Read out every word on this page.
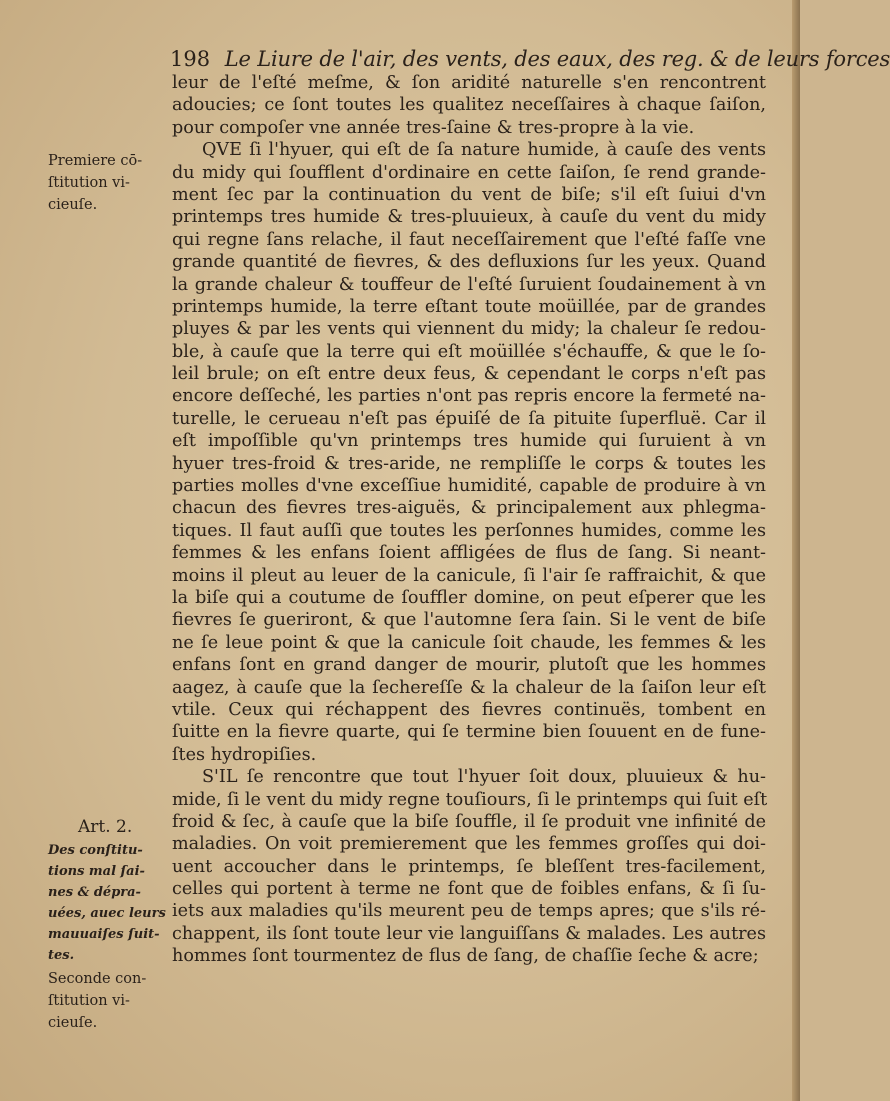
198 Le Liure de l'air, des vents, des eaux, des reg. & de leurs forces
Premiere cō-
ſtitution vi-
cieuſe.
Art. 2.
Des conſtitu-
tions mal ſai-
nes & dépra-
uées, auec leurs
mauuaiſes ſuit-
tes.
Seconde con-
ſtitution vi-
cieuſe.
leur de l'eſté meſme, & ſon aridité naturelle s'en rencontrent
adoucies; ce ſont toutes les qualitez neceſſaires à chaque ſaiſon,
pour compoſer vne année tres-ſaine & tres-propre à la vie.
QVE ſi l'hyuer, qui eſt de ſa nature humide, à cauſe des vents
du midy qui ſoufflent d'ordinaire en cette ſaiſon, ſe rend grande-
ment ſec par la continuation du vent de biſe; s'il eſt ſuiui d'vn
printemps tres humide & tres-pluuieux, à cauſe du vent du midy
qui regne ſans relache, il faut neceſſairement que l'eſté faſſe vne
grande quantité de fievres, & des defluxions ſur les yeux. Quand
la grande chaleur & touffeur de l'eſté ſuruient ſoudainement à vn
printemps humide, la terre eſtant toute moüillée, par de grandes
pluyes & par les vents qui viennent du midy; la chaleur ſe redou-
ble, à cauſe que la terre qui eſt moüillée s'échauffe, & que le ſo-
leil brule; on eſt entre deux feus, & cependant le corps n'eſt pas
encore deſſeché, les parties n'ont pas repris encore la fermeté na-
turelle, le cerueau n'eſt pas épuiſé de ſa pituite ſuperfluë. Car il
eſt impoſſible qu'vn printemps tres humide qui ſuruient à vn
hyuer tres-froid & tres-aride, ne rempliſſe le corps & toutes les
parties molles d'vne exceſſiue humidité, capable de produire à vn
chacun des fievres tres-aiguës, & principalement aux phlegma-
tiques. Il faut auſſi que toutes les perſonnes humides, comme les
femmes & les enfans ſoient affligées de flus de ſang. Si neant-
moins il pleut au leuer de la canicule, ſi l'air ſe raffraichit, & que
la biſe qui a coutume de ſouffler domine, on peut eſperer que les
fievres ſe gueriront, & que l'automne ſera ſain. Si le vent de biſe
ne ſe leue point & que la canicule ſoit chaude, les femmes & les
enfans ſont en grand danger de mourir, plutoſt que les hommes
aagez, à cauſe que la ſechereſſe & la chaleur de la ſaiſon leur eſt
vtile. Ceux qui réchappent des fievres continuës, tombent en
ſuitte en la fievre quarte, qui ſe termine bien ſouuent en de fune-
ſtes hydropiſies.
S'IL ſe rencontre que tout l'hyuer ſoit doux, pluuieux & hu-
mide, ſi le vent du midy regne touſiours, ſi le printemps qui ſuit eſt
froid & ſec, à cauſe que la biſe ſouffle, il ſe produit vne infinité de
maladies. On voit premierement que les femmes groſſes qui doi-
uent accoucher dans le printemps, ſe bleſſent tres-facilement,
celles qui portent à terme ne font que de foibles enfans, & ſi ſu-
iets aux maladies qu'ils meurent peu de temps apres; que s'ils ré-
chappent, ils ſont toute leur vie languiſſans & malades. Les autres
hommes ſont tourmentez de flus de ſang, de chaſſie ſeche & acre;
